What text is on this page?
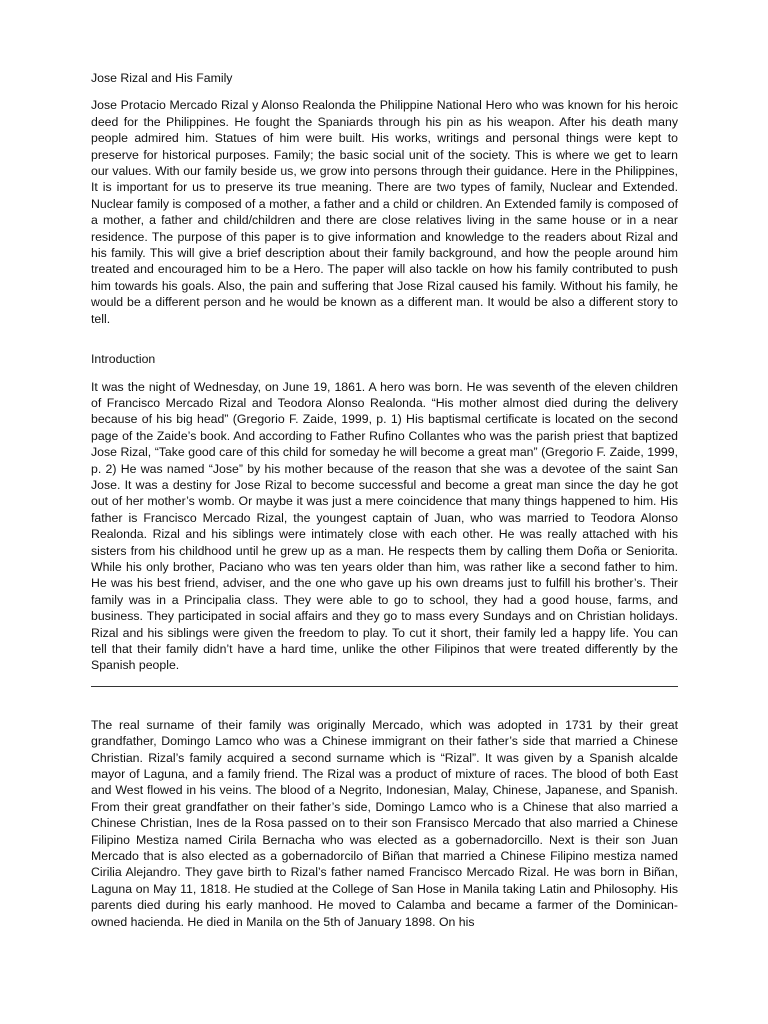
Jose Rizal and His Family

Jose Protacio Mercado Rizal y Alonso Realonda the Philippine National Hero who was known for his heroic deed for the Philippines. He fought the Spaniards through his pin as his weapon. After his death many people admired him. Statues of him were built. His works, writings and personal things were kept to preserve for historical purposes. Family; the basic social unit of the society. This is where we get to learn our values. With our family beside us, we grow into persons through their guidance. Here in the Philippines, It is important for us to preserve its true meaning. There are two types of family, Nuclear and Extended. Nuclear family is composed of a mother, a father and a child or children. An Extended family is composed of a mother, a father and child/children and there are close relatives living in the same house or in a near residence. The purpose of this paper is to give information and knowledge to the readers about Rizal and his family. This will give a brief description about their family background, and how the people around him treated and encouraged him to be a Hero. The paper will also tackle on how his family contributed to push him towards his goals. Also, the pain and suffering that Jose Rizal caused his family. Without his family, he would be a different person and he would be known as a different man. It would be also a different story to tell.

Introduction

It was the night of Wednesday, on June 19, 1861. A hero was born. He was seventh of the eleven children of Francisco Mercado Rizal and Teodora Alonso Realonda. “His mother almost died during the delivery because of his big head” (Gregorio F. Zaide, 1999, p. 1) His baptismal certificate is located on the second page of the Zaide’s book. And according to Father Rufino Collantes who was the parish priest that baptized Jose Rizal, “Take good care of this child for someday he will become a great man” (Gregorio F. Zaide, 1999, p. 2) He was named “Jose” by his mother because of the reason that she was a devotee of the saint San Jose. It was a destiny for Jose Rizal to become successful and become a great man since the day he got out of her mother’s womb. Or maybe it was just a mere coincidence that many things happened to him. His father is Francisco Mercado Rizal, the youngest captain of Juan, who was married to Teodora Alonso Realonda. Rizal and his siblings were intimately close with each other. He was really attached with his sisters from his childhood until he grew up as a man. He respects them by calling them Doña or Seniorita. While his only brother, Paciano who was ten years older than him, was rather like a second father to him. He was his best friend, adviser, and the one who gave up his own dreams just to fulfill his brother’s. Their family was in a Principalia class. They were able to go to school, they had a good house, farms, and business. They participated in social affairs and they go to mass every Sundays and on Christian holidays. Rizal and his siblings were given the freedom to play. To cut it short, their family led a happy life. You can tell that their family didn’t have a hard time, unlike the other Filipinos that were treated differently by the Spanish people.

The real surname of their family was originally Mercado, which was adopted in 1731 by their great grandfather, Domingo Lamco who was a Chinese immigrant on their father’s side that married a Chinese Christian. Rizal’s family acquired a second surname which is “Rizal”. It was given by a Spanish alcalde mayor of Laguna, and a family friend. The Rizal was a product of mixture of races. The blood of both East and West flowed in his veins. The blood of a Negrito, Indonesian, Malay, Chinese, Japanese, and Spanish. From their great grandfather on their father’s side, Domingo Lamco who is a Chinese that also married a Chinese Christian, Ines de la Rosa passed on to their son Fransisco Mercado that also married a Chinese Filipino Mestiza named Cirila Bernacha who was elected as a gobernadorcillo. Next is their son Juan Mercado that is also elected as a gobernadorcilo of Biñan that married a Chinese Filipino mestiza named Cirilia Alejandro. They gave birth to Rizal’s father named Francisco Mercado Rizal. He was born in Biñan, Laguna on May 11, 1818. He studied at the College of San Hose in Manila taking Latin and Philosophy. His parents died during his early manhood. He moved to Calamba and became a farmer of the Dominican-owned hacienda. He died in Manila on the 5th of January 1898. On his
